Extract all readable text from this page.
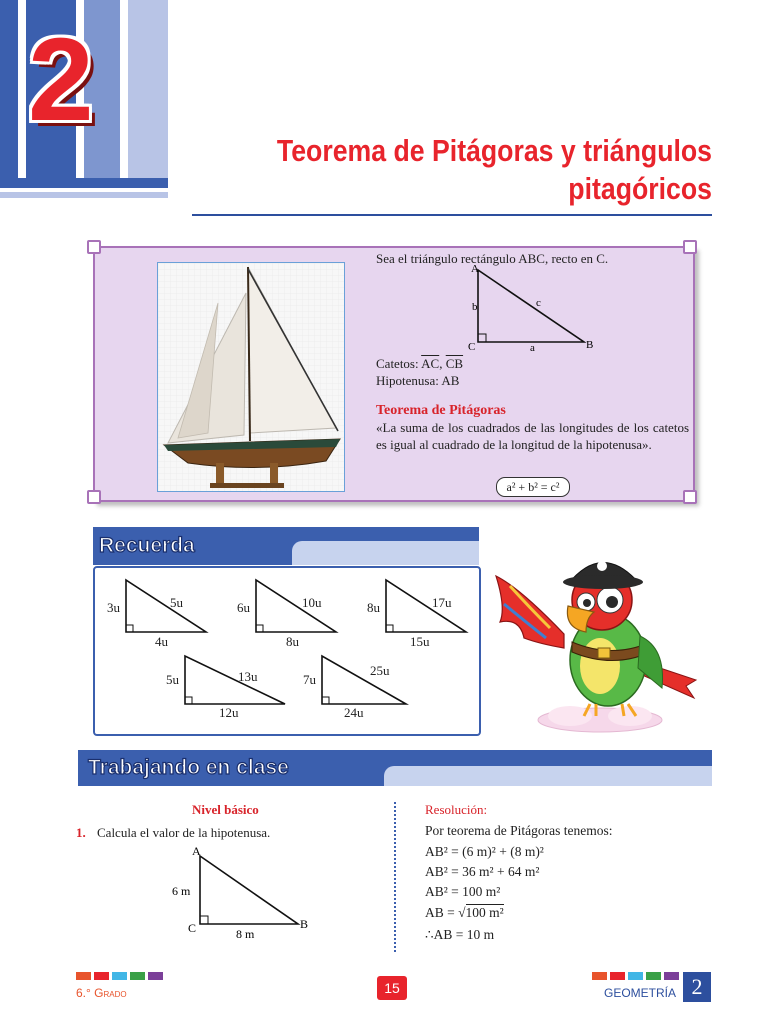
2
Teorema de Pitágoras y triángulos
pitagóricos
Sea el triángulo rectángulo ABC, recto en C.
A
C	B
b
a
c
Catetos: $\overline{AC}$, $\overline{CB}$
Hipotenusa: AB
Teorema de Pitágoras
«La suma de los cuadrados de las longitudes de los catetos es igual al cuadrado de la longitud de la hipotenusa».
a² + b² = c²
Recuerda
3u
4u
5u	6u
8u
10u	8u
15u
17u
5u
12u
13u	7u
24u
25u
Trabajando en clase
Nivel básico
1. Calcula el valor de la hipotenusa.
A
C	B
6 m
8 m
Resolución:
Por teorema de Pitágoras tenemos:
AB² = (6 m)² + (8 m)²
AB² = 36 m² + 64 m²
AB² = 100 m²
AB = √100 m²
∴AB = 10 m
6.° Grado	15	GEOMETRÍA 2
